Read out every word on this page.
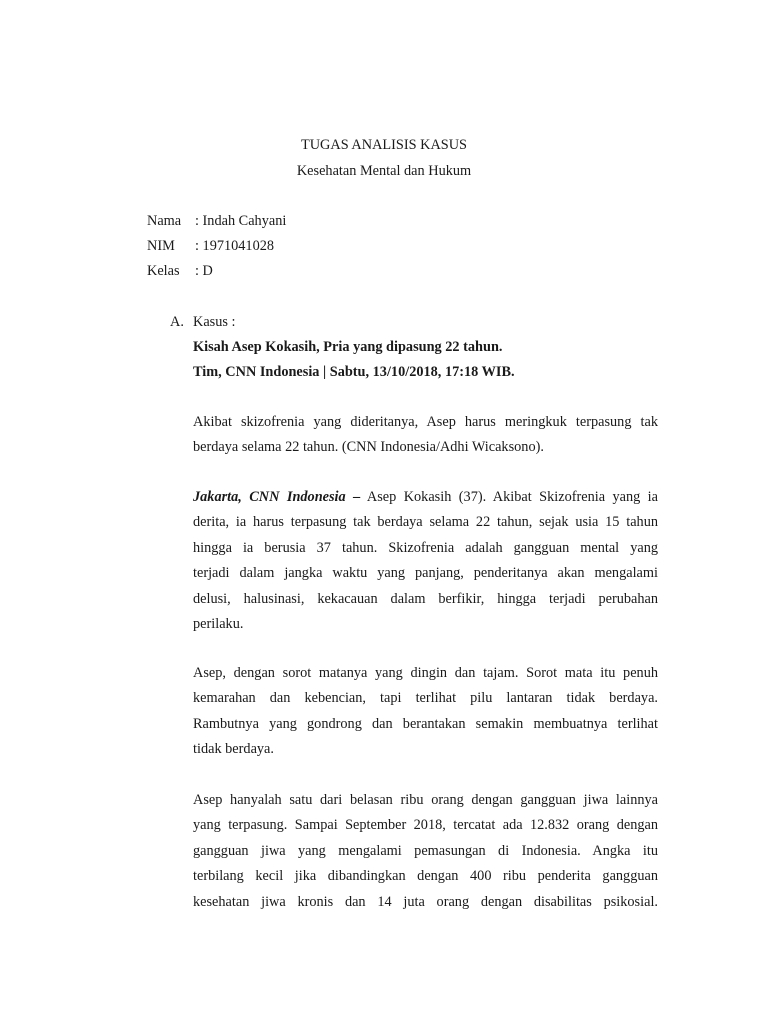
TUGAS ANALISIS KASUS
Kesehatan Mental dan Hukum
Nama : Indah Cahyani
NIM : 1971041028
Kelas : D
A. Kasus :
Kisah Asep Kokasih, Pria yang dipasung 22 tahun.
Tim, CNN Indonesia | Sabtu, 13/10/2018, 17:18 WIB.
Akibat skizofrenia yang dideritanya, Asep harus meringkuk terpasung tak
berdaya selama 22 tahun. (CNN Indonesia/Adhi Wicaksono).
Jakarta, CNN Indonesia – Asep Kokasih (37). Akibat Skizofrenia yang ia
derita, ia harus terpasung tak berdaya selama 22 tahun, sejak usia 15 tahun
hingga ia berusia 37 tahun. Skizofrenia adalah gangguan mental yang
terjadi dalam jangka waktu yang panjang, penderitanya akan mengalami
delusi, halusinasi, kekacauan dalam berfikir, hingga terjadi perubahan
perilaku.
Asep, dengan sorot matanya yang dingin dan tajam. Sorot mata itu penuh
kemarahan dan kebencian, tapi terlihat pilu lantaran tidak berdaya.
Rambutnya yang gondrong dan berantakan semakin membuatnya terlihat
tidak berdaya.
Asep hanyalah satu dari belasan ribu orang dengan gangguan jiwa lainnya
yang terpasung. Sampai September 2018, tercatat ada 12.832 orang dengan
gangguan jiwa yang mengalami pemasungan di Indonesia. Angka itu
terbilang kecil jika dibandingkan dengan 400 ribu penderita gangguan
kesehatan jiwa kronis dan 14 juta orang dengan disabilitas psikosial.
